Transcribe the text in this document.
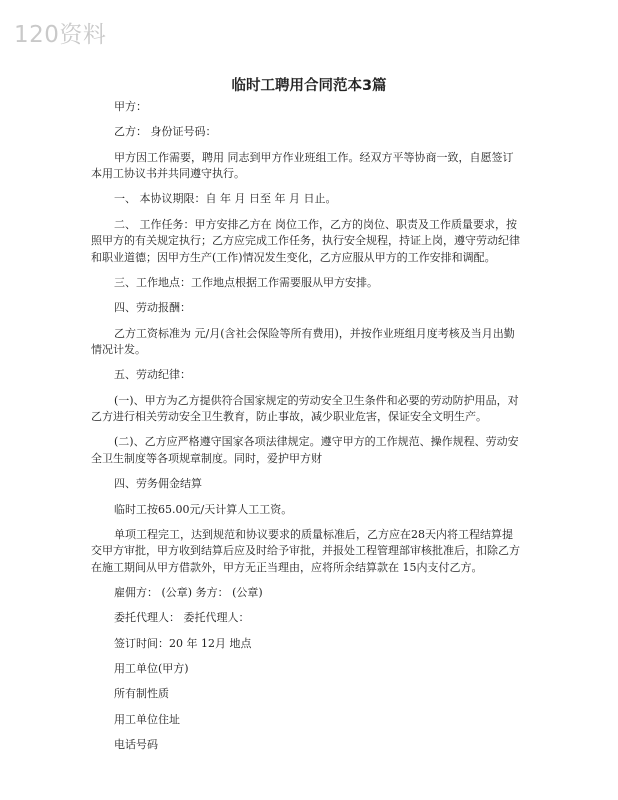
120资料
临时工聘用合同范本3篇

甲方：

乙方： 身份证号码：

甲方因工作需要，聘用 同志到甲方作业班组工作。经双方平等协商一致，自愿签订本用工协议书并共同遵守执行。

一、 本协议期限：自 年 月 日至 年 月 日止。

二、 工作任务：甲方安排乙方在 岗位工作，乙方的岗位、职责及工作质量要求，按照甲方的有关规定执行；乙方应完成工作任务，执行安全规程，持证上岗，遵守劳动纪律和职业道德；因甲方生产(工作)情况发生变化，乙方应服从甲方的工作安排和调配。

三、工作地点：工作地点根据工作需要服从甲方安排。

四、劳动报酬：

乙方工资标准为 元/月(含社会保险等所有费用)，并按作业班组月度考核及当月出勤情况计发。

五、劳动纪律：

(一)、甲方为乙方提供符合国家规定的劳动安全卫生条件和必要的劳动防护用品，对乙方进行相关劳动安全卫生教育，防止事故，减少职业危害，保证安全文明生产。

(二)、乙方应严格遵守国家各项法律规定。遵守甲方的工作规范、操作规程、劳动安全卫生制度等各项规章制度。同时，爱护甲方财

四、劳务佣金结算

临时工按65.00元/天计算人工工资。

单项工程完工，达到规范和协议要求的质量标准后，乙方应在28天内将工程结算提交甲方审批，甲方收到结算后应及时给予审批，并报处工程管理部审核批准后，扣除乙方在施工期间从甲方借款外，甲方无正当理由，应将所余结算款在 15内支付乙方。

雇佣方： (公章) 务方： (公章)

委托代理人： 委托代理人：

签订时间：20 年 12月 地点

用工单位(甲方)

所有制性质

用工单位住址

电话号码
